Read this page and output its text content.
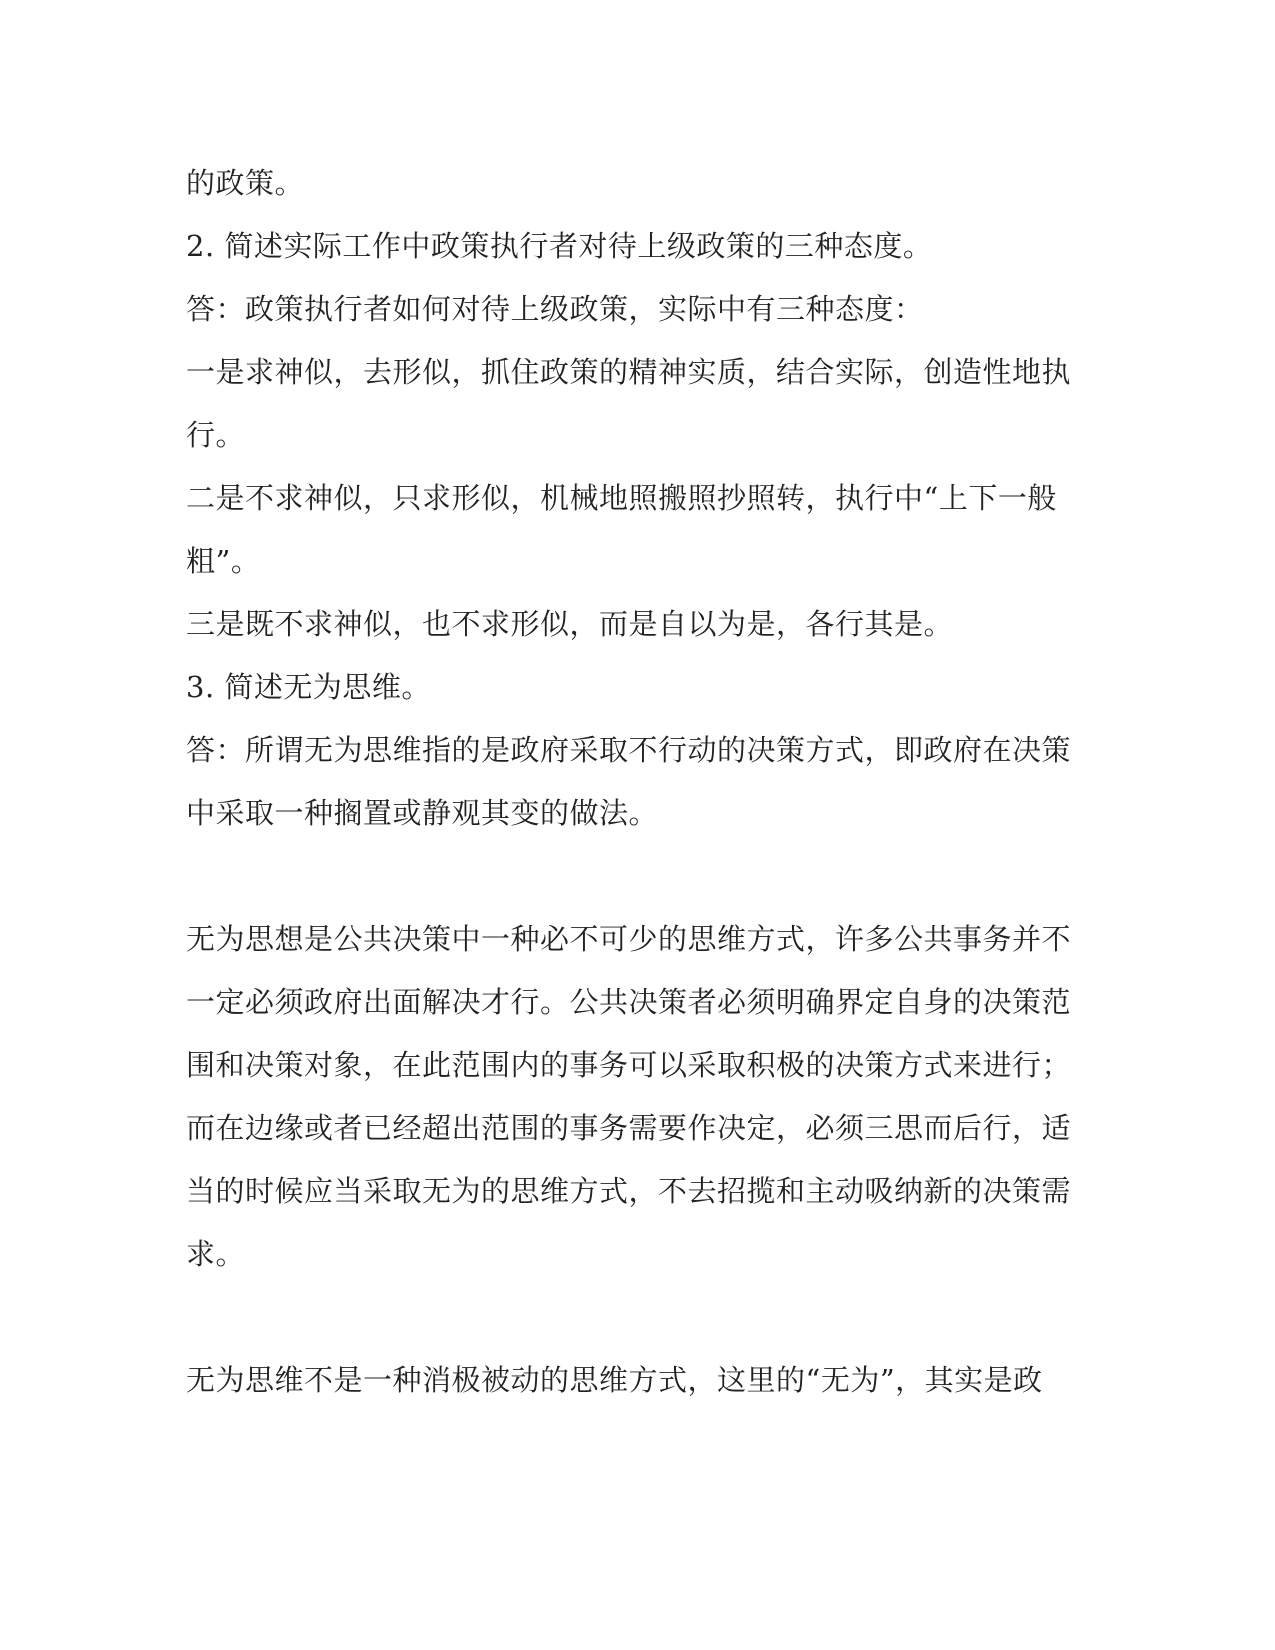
的政策。
2. 简述实际工作中政策执行者对待上级政策的三种态度。
答：政策执行者如何对待上级政策，实际中有三种态度：
一是求神似，去形似，抓住政策的精神实质，结合实际，创造性地执
行。
二是不求神似，只求形似，机械地照搬照抄照转，执行中“上下一般
粗”。
三是既不求神似，也不求形似，而是自以为是，各行其是。
3. 简述无为思维。
答：所谓无为思维指的是政府采取不行动的决策方式，即政府在决策
中采取一种搁置或静观其变的做法。
无为思想是公共决策中一种必不可少的思维方式，许多公共事务并不
一定必须政府出面解决才行。公共决策者必须明确界定自身的决策范
围和决策对象，在此范围内的事务可以采取积极的决策方式来进行；
而在边缘或者已经超出范围的事务需要作决定，必须三思而后行，适
当的时候应当采取无为的思维方式，不去招揽和主动吸纳新的决策需
求。
无为思维不是一种消极被动的思维方式，这里的“无为”，其实是政
